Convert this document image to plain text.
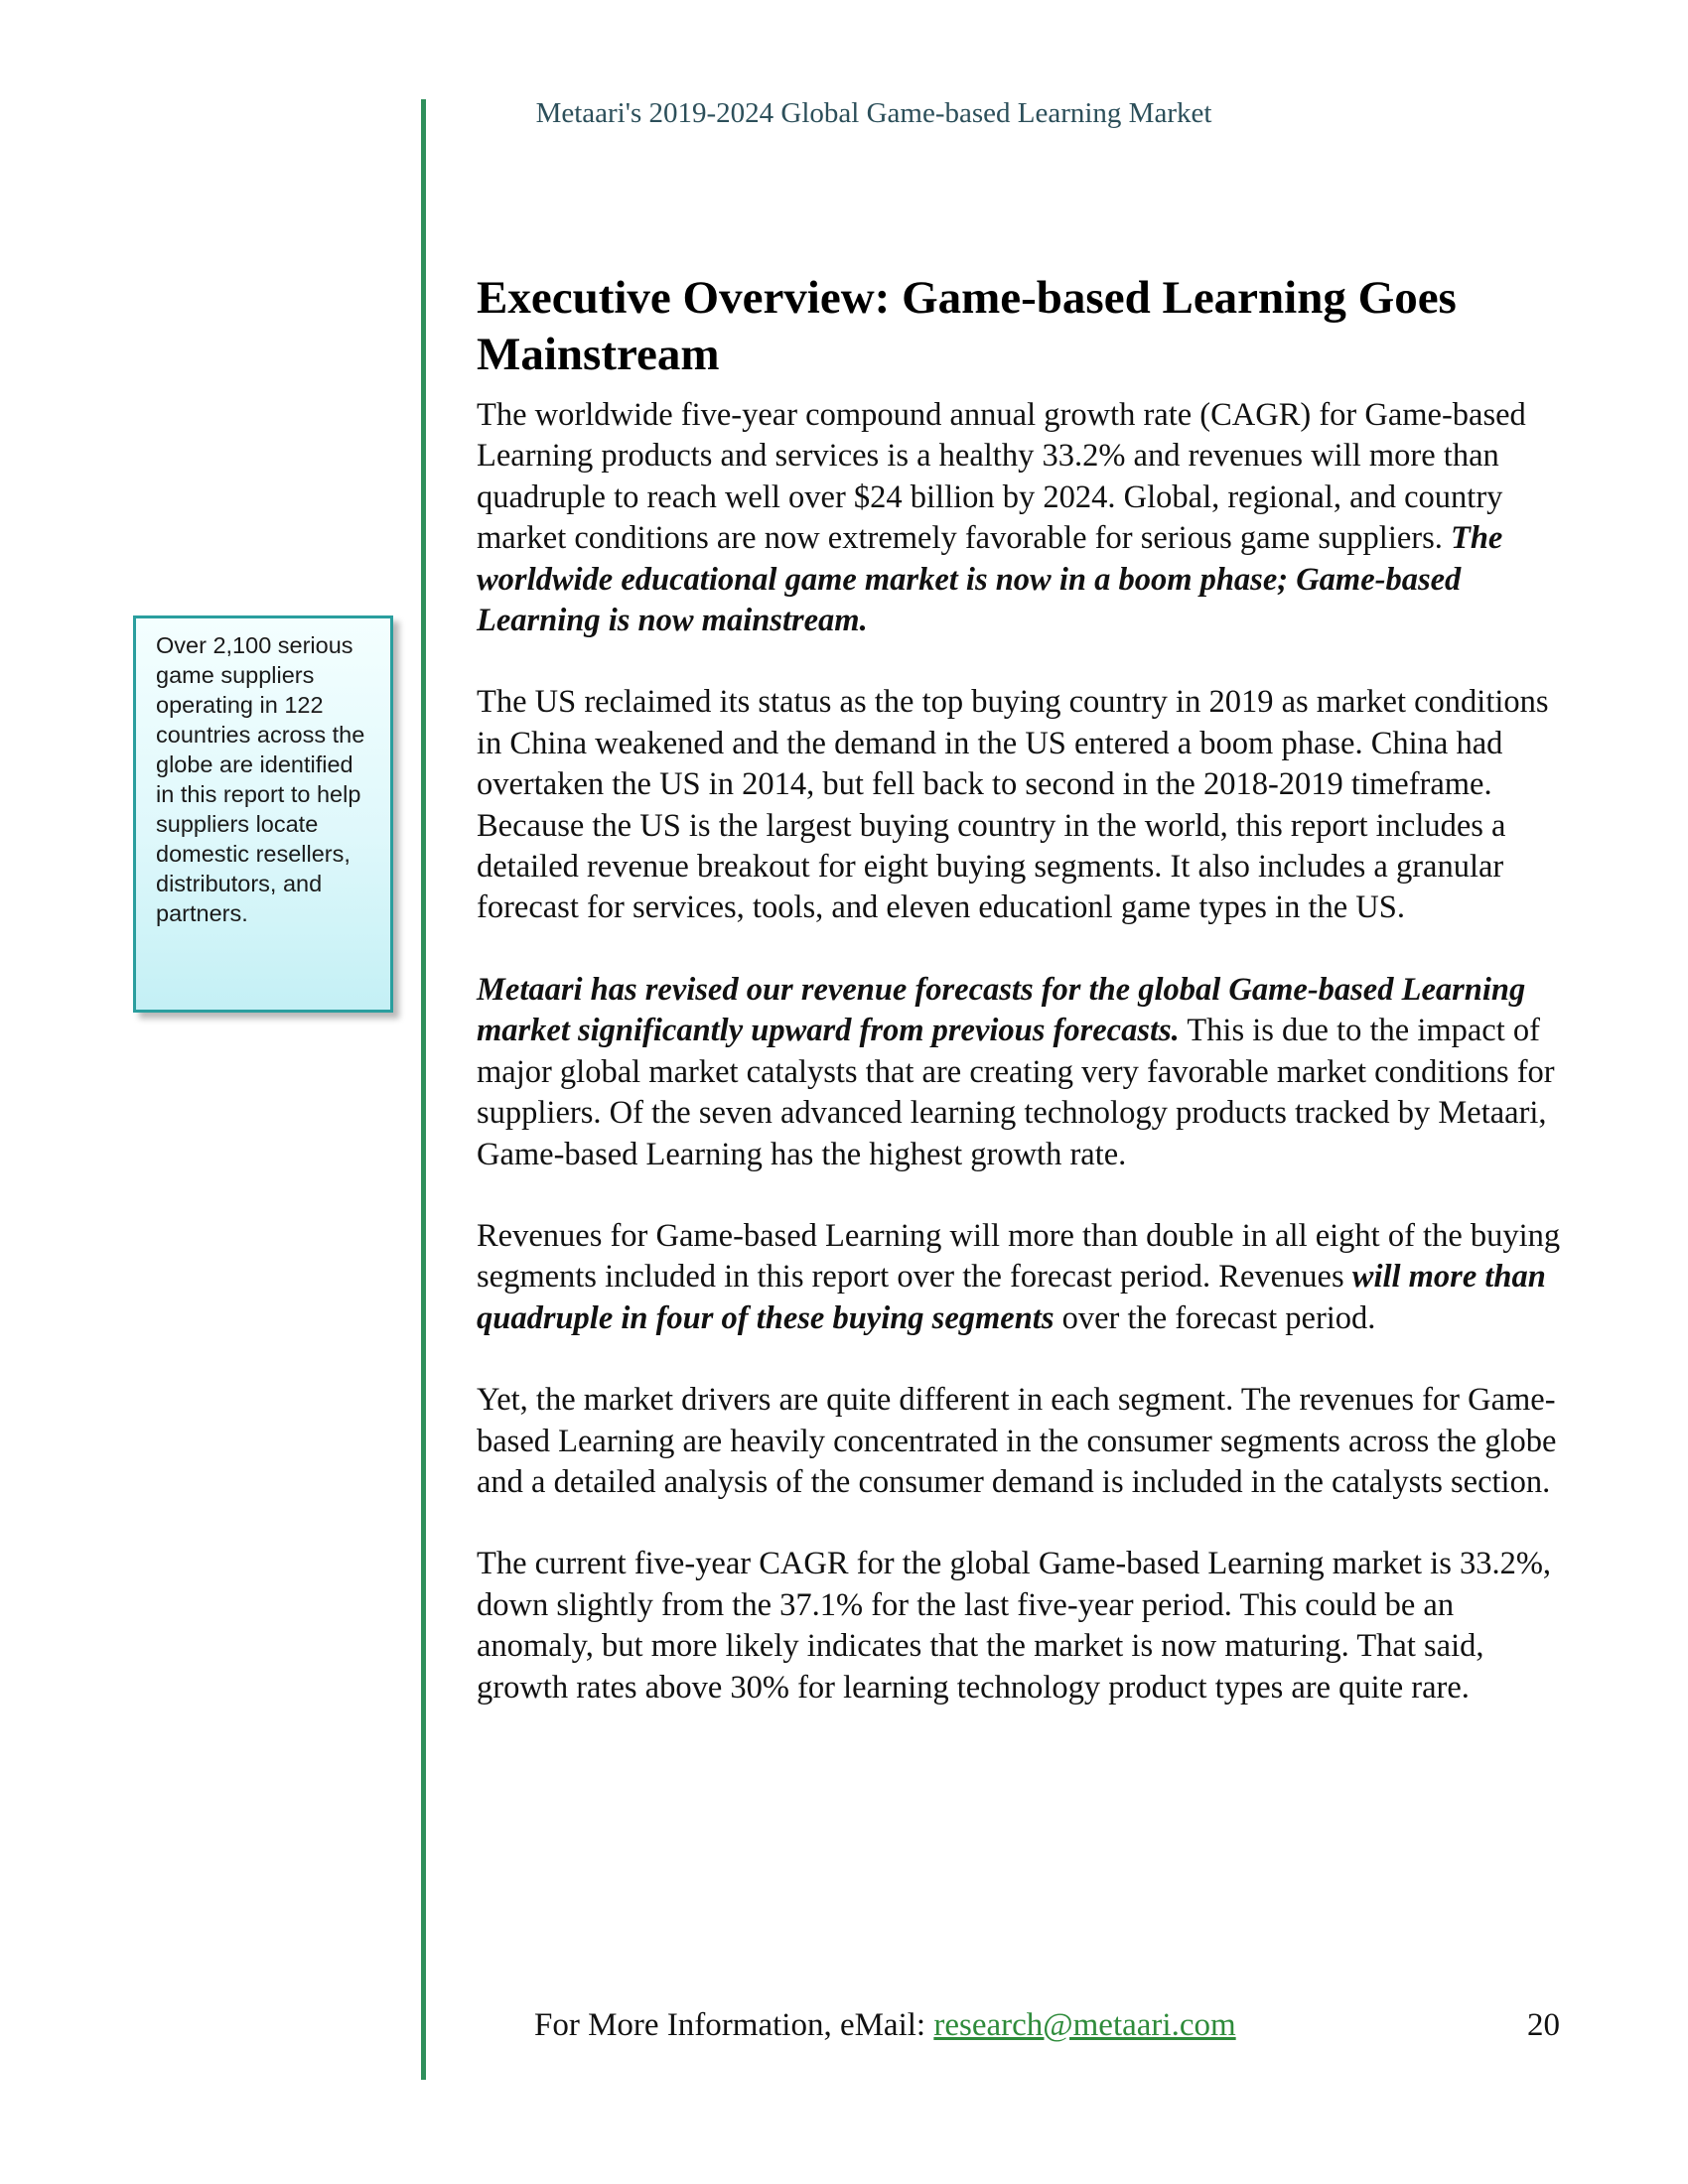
Metaari's 2019-2024 Global Game-based Learning Market
Over 2,100 serious game suppliers operating in 122 countries across the globe are identified in this report to help suppliers locate domestic resellers, distributors, and partners.
Executive Overview: Game-based Learning Goes Mainstream

The worldwide five-year compound annual growth rate (CAGR) for Game-based Learning products and services is a healthy 33.2% and revenues will more than quadruple to reach well over $24 billion by 2024. Global, regional, and country market conditions are now extremely favorable for serious game suppliers. The worldwide educational game market is now in a boom phase; Game-based Learning is now mainstream.

The US reclaimed its status as the top buying country in 2019 as market conditions in China weakened and the demand in the US entered a boom phase. China had overtaken the US in 2014, but fell back to second in the 2018-2019 timeframe. Because the US is the largest buying country in the world, this report includes a detailed revenue breakout for eight buying segments. It also includes a granular forecast for services, tools, and eleven educationl game types in the US.

Metaari has revised our revenue forecasts for the global Game-based Learning market significantly upward from previous forecasts. This is due to the impact of major global market catalysts that are creating very favorable market conditions for suppliers. Of the seven advanced learning technology products tracked by Metaari, Game-based Learning has the highest growth rate.

Revenues for Game-based Learning will more than double in all eight of the buying segments included in this report over the forecast period. Revenues will more than quadruple in four of these buying segments over the forecast period.

Yet, the market drivers are quite different in each segment. The revenues for Game-based Learning are heavily concentrated in the consumer segments across the globe and a detailed analysis of the consumer demand is included in the catalysts section.

The current five-year CAGR for the global Game-based Learning market is 33.2%, down slightly from the 37.1% for the last five-year period. This could be an anomaly, but more likely indicates that the market is now maturing. That said, growth rates above 30% for learning technology product types are quite rare.

For More Information, eMail: research@metaari.com	20
